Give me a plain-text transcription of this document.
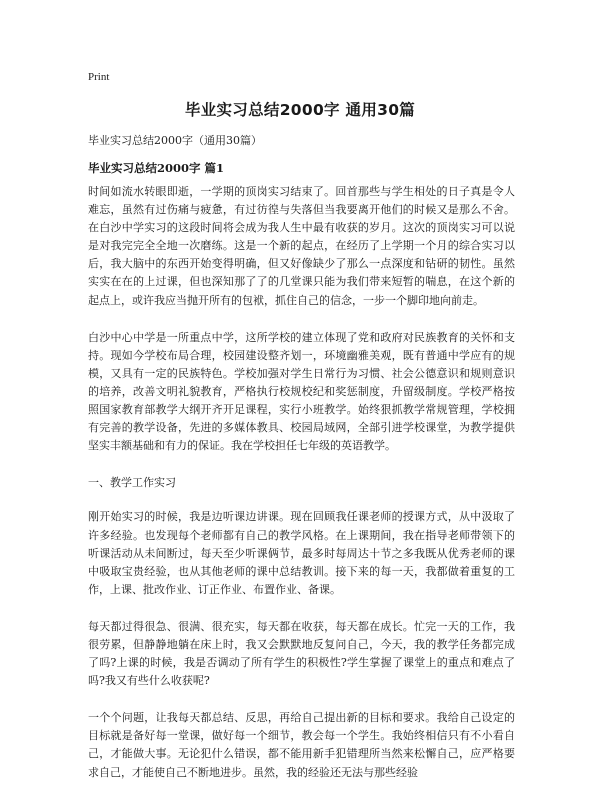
Print
毕业实习总结2000字 通用30篇
毕业实习总结2000字（通用30篇）
毕业实习总结2000字 篇1

时间如流水转眼即逝，一学期的顶岗实习结束了。回首那些与学生相处的日子真是令人难忘，虽然有过伤痛与疲惫，有过彷徨与失落但当我要离开他们的时候又是那么不舍。在白沙中学实习的这段时间将会成为我人生中最有收获的岁月。这次的顶岗实习可以说是对我完完全全地一次磨练。这是一个新的起点，在经历了上学期一个月的综合实习以后，我大脑中的东西开始变得明确，但又好像缺少了那么一点深度和钻研的韧性。虽然实实在在的上过课，但也深知那了了的几堂课只能为我们带来短暂的喘息，在这个新的起点上，或许我应当抛开所有的包袱，抓住自己的信念，一步一个脚印地向前走。

白沙中心中学是一所重点中学，这所学校的建立体现了党和政府对民族教育的关怀和支持。现如今学校布局合理，校园建设整齐划一，环境幽雅美观，既有普通中学应有的规模，又具有一定的民族特色。学校加强对学生日常行为习惯、社会公德意识和规则意识的培养，改善文明礼貌教育，严格执行校规校纪和奖惩制度，升留级制度。学校严格按照国家教育部教学大纲开齐开足课程，实行小班教学。始终狠抓教学常规管理，学校拥有完善的教学设备，先进的多媒体教具、校园局域网，全部引进学校课堂，为教学提供坚实丰额基础和有力的保证。我在学校担任七年级的英语教学。

一、教学工作实习

刚开始实习的时候，我是边听课边讲课。现在回顾我任课老师的授课方式，从中汲取了许多经验。也发现每个老师都有自己的教学风格。在上课期间，我在指导老师带领下的听课活动从未间断过，每天至少听课俩节，最多时每周达十节之多我既从优秀老师的课中吸取宝贵经验，也从其他老师的课中总结教训。接下来的每一天，我都做着重复的工作，上课、批改作业、订正作业、布置作业、备课。

每天都过得很急、很满、很充实，每天都在收获，每天都在成长。忙完一天的工作，我很劳累，但静静地躺在床上时，我又会默默地反复问自己，今天，我的教学任务都完成了吗?上课的时候，我是否调动了所有学生的积极性?学生掌握了课堂上的重点和难点了吗?我又有些什么收获呢?

一个个问题，让我每天都总结、反思，再给自己提出新的目标和要求。我给自己设定的目标就是备好每一堂课，做好每一个细节，教会每一个学生。我始终相信只有不小看自己，才能做大事。无论犯什么错误，都不能用新手犯错理所当然来松懈自己，应严格要求自己，才能使自己不断地进步。虽然，我的经验还无法与那些经验
